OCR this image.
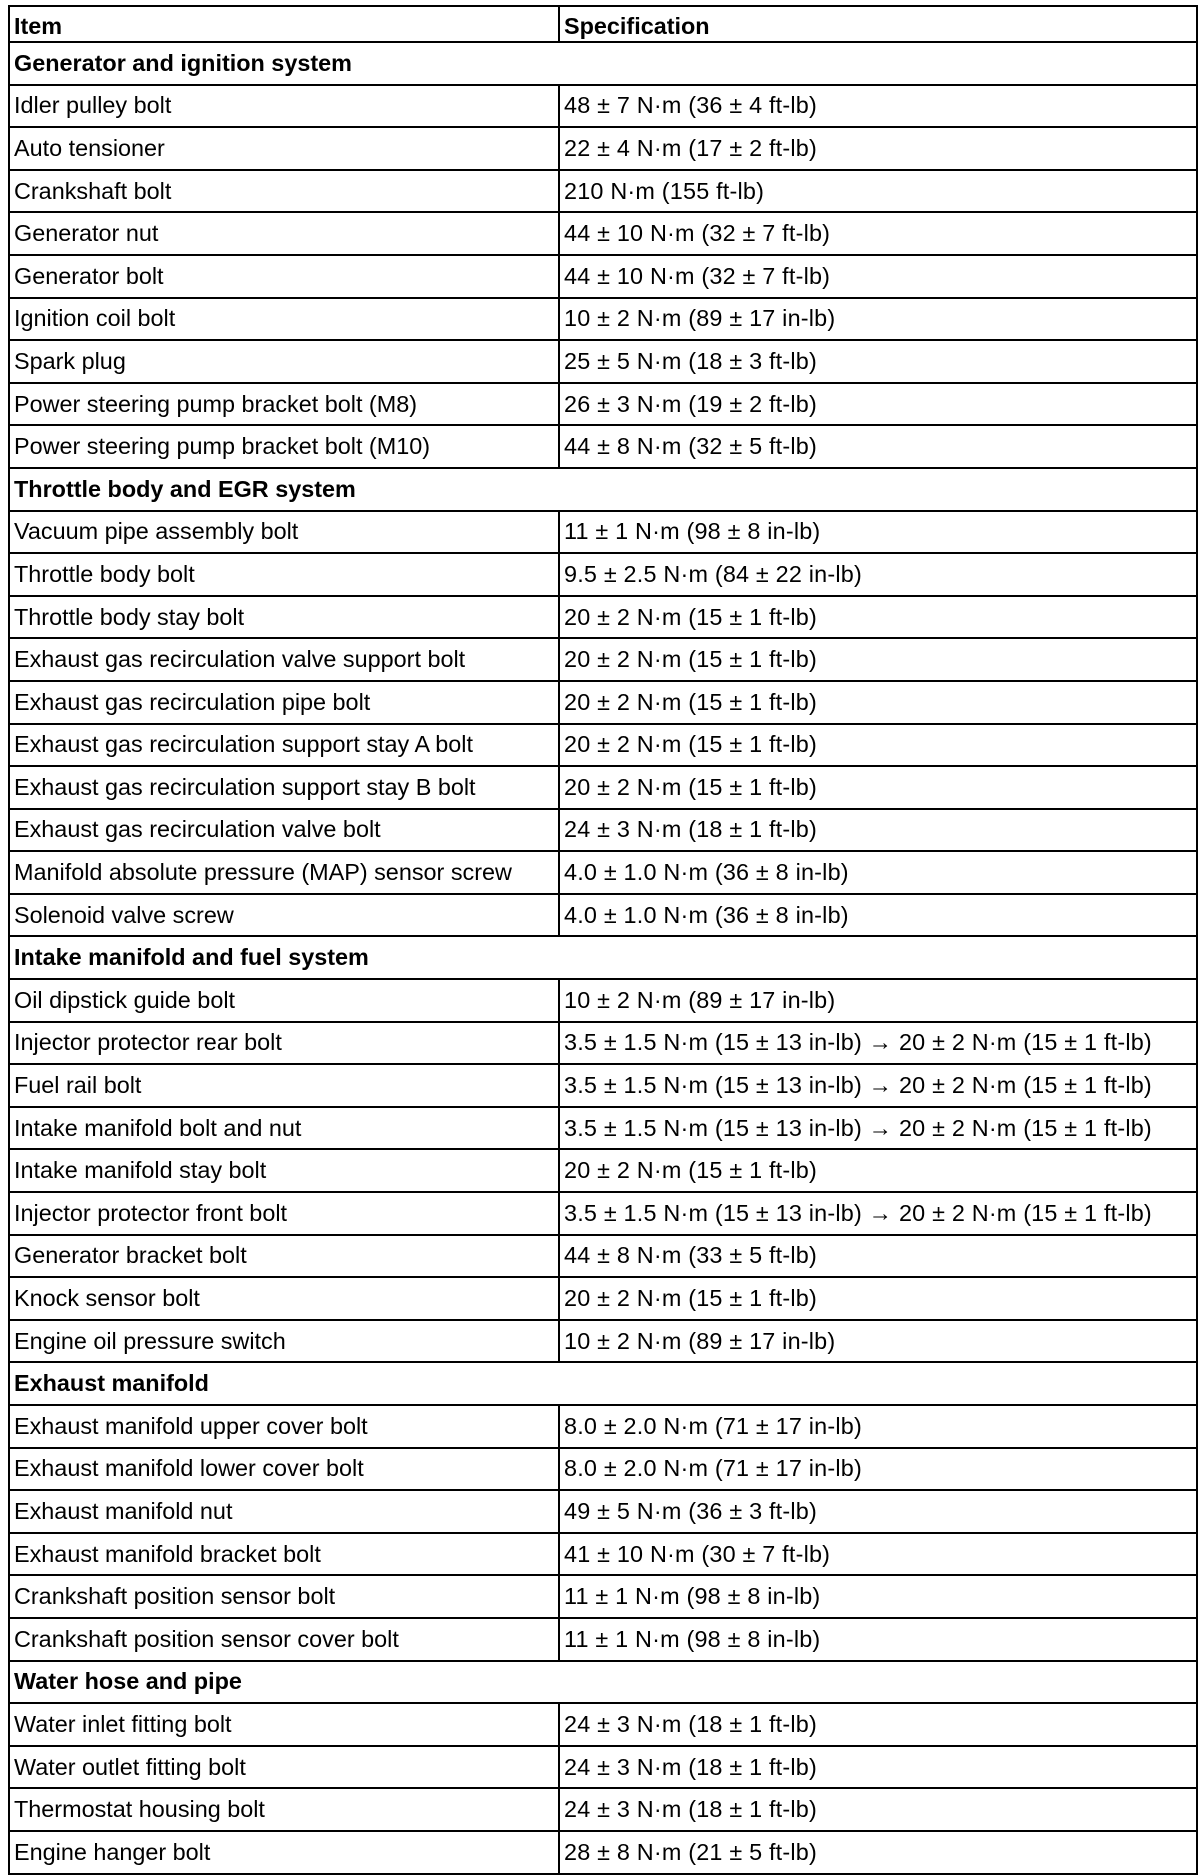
Item	Specification
Generator and ignition system	
Idler pulley bolt	48 ± 7 N·m (36 ± 4 ft-lb)
Auto tensioner	22 ± 4 N·m (17 ± 2 ft-lb)
Crankshaft bolt	210 N·m (155 ft-lb)
Generator nut	44 ± 10 N·m (32 ± 7 ft-lb)
Generator bolt	44 ± 10 N·m (32 ± 7 ft-lb)
Ignition coil bolt	10 ± 2 N·m (89 ± 17 in-lb)
Spark plug	25 ± 5 N·m (18 ± 3 ft-lb)
Power steering pump bracket bolt (M8)	26 ± 3 N·m (19 ± 2 ft-lb)
Power steering pump bracket bolt (M10)	44 ± 8 N·m (32 ± 5 ft-lb)
Throttle body and EGR system	
Vacuum pipe assembly bolt	11 ± 1 N·m (98 ± 8 in-lb)
Throttle body bolt	9.5 ± 2.5 N·m (84 ± 22 in-lb)
Throttle body stay bolt	20 ± 2 N·m (15 ± 1 ft-lb)
Exhaust gas recirculation valve support bolt	20 ± 2 N·m (15 ± 1 ft-lb)
Exhaust gas recirculation pipe bolt	20 ± 2 N·m (15 ± 1 ft-lb)
Exhaust gas recirculation support stay A bolt	20 ± 2 N·m (15 ± 1 ft-lb)
Exhaust gas recirculation support stay B bolt	20 ± 2 N·m (15 ± 1 ft-lb)
Exhaust gas recirculation valve bolt	24 ± 3 N·m (18 ± 1 ft-lb)
Manifold absolute pressure (MAP) sensor screw	4.0 ± 1.0 N·m (36 ± 8 in-lb)
Solenoid valve screw	4.0 ± 1.0 N·m (36 ± 8 in-lb)
Intake manifold and fuel system	
Oil dipstick guide bolt	10 ± 2 N·m (89 ± 17 in-lb)
Injector protector rear bolt	3.5 ± 1.5 N·m (15 ± 13 in-lb) → 20 ± 2 N·m (15 ± 1 ft-lb)
Fuel rail bolt	3.5 ± 1.5 N·m (15 ± 13 in-lb) → 20 ± 2 N·m (15 ± 1 ft-lb)
Intake manifold bolt and nut	3.5 ± 1.5 N·m (15 ± 13 in-lb) → 20 ± 2 N·m (15 ± 1 ft-lb)
Intake manifold stay bolt	20 ± 2 N·m (15 ± 1 ft-lb)
Injector protector front bolt	3.5 ± 1.5 N·m (15 ± 13 in-lb) → 20 ± 2 N·m (15 ± 1 ft-lb)
Generator bracket bolt	44 ± 8 N·m (33 ± 5 ft-lb)
Knock sensor bolt	20 ± 2 N·m (15 ± 1 ft-lb)
Engine oil pressure switch	10 ± 2 N·m (89 ± 17 in-lb)
Exhaust manifold	
Exhaust manifold upper cover bolt	8.0 ± 2.0 N·m (71 ± 17 in-lb)
Exhaust manifold lower cover bolt	8.0 ± 2.0 N·m (71 ± 17 in-lb)
Exhaust manifold nut	49 ± 5 N·m (36 ± 3 ft-lb)
Exhaust manifold bracket bolt	41 ± 10 N·m (30 ± 7 ft-lb)
Crankshaft position sensor bolt	11 ± 1 N·m (98 ± 8 in-lb)
Crankshaft position sensor cover bolt	11 ± 1 N·m (98 ± 8 in-lb)
Water hose and pipe	
Water inlet fitting bolt	24 ± 3 N·m (18 ± 1 ft-lb)
Water outlet fitting bolt	24 ± 3 N·m (18 ± 1 ft-lb)
Thermostat housing bolt	24 ± 3 N·m (18 ± 1 ft-lb)
Engine hanger bolt	28 ± 8 N·m (21 ± 5 ft-lb)
